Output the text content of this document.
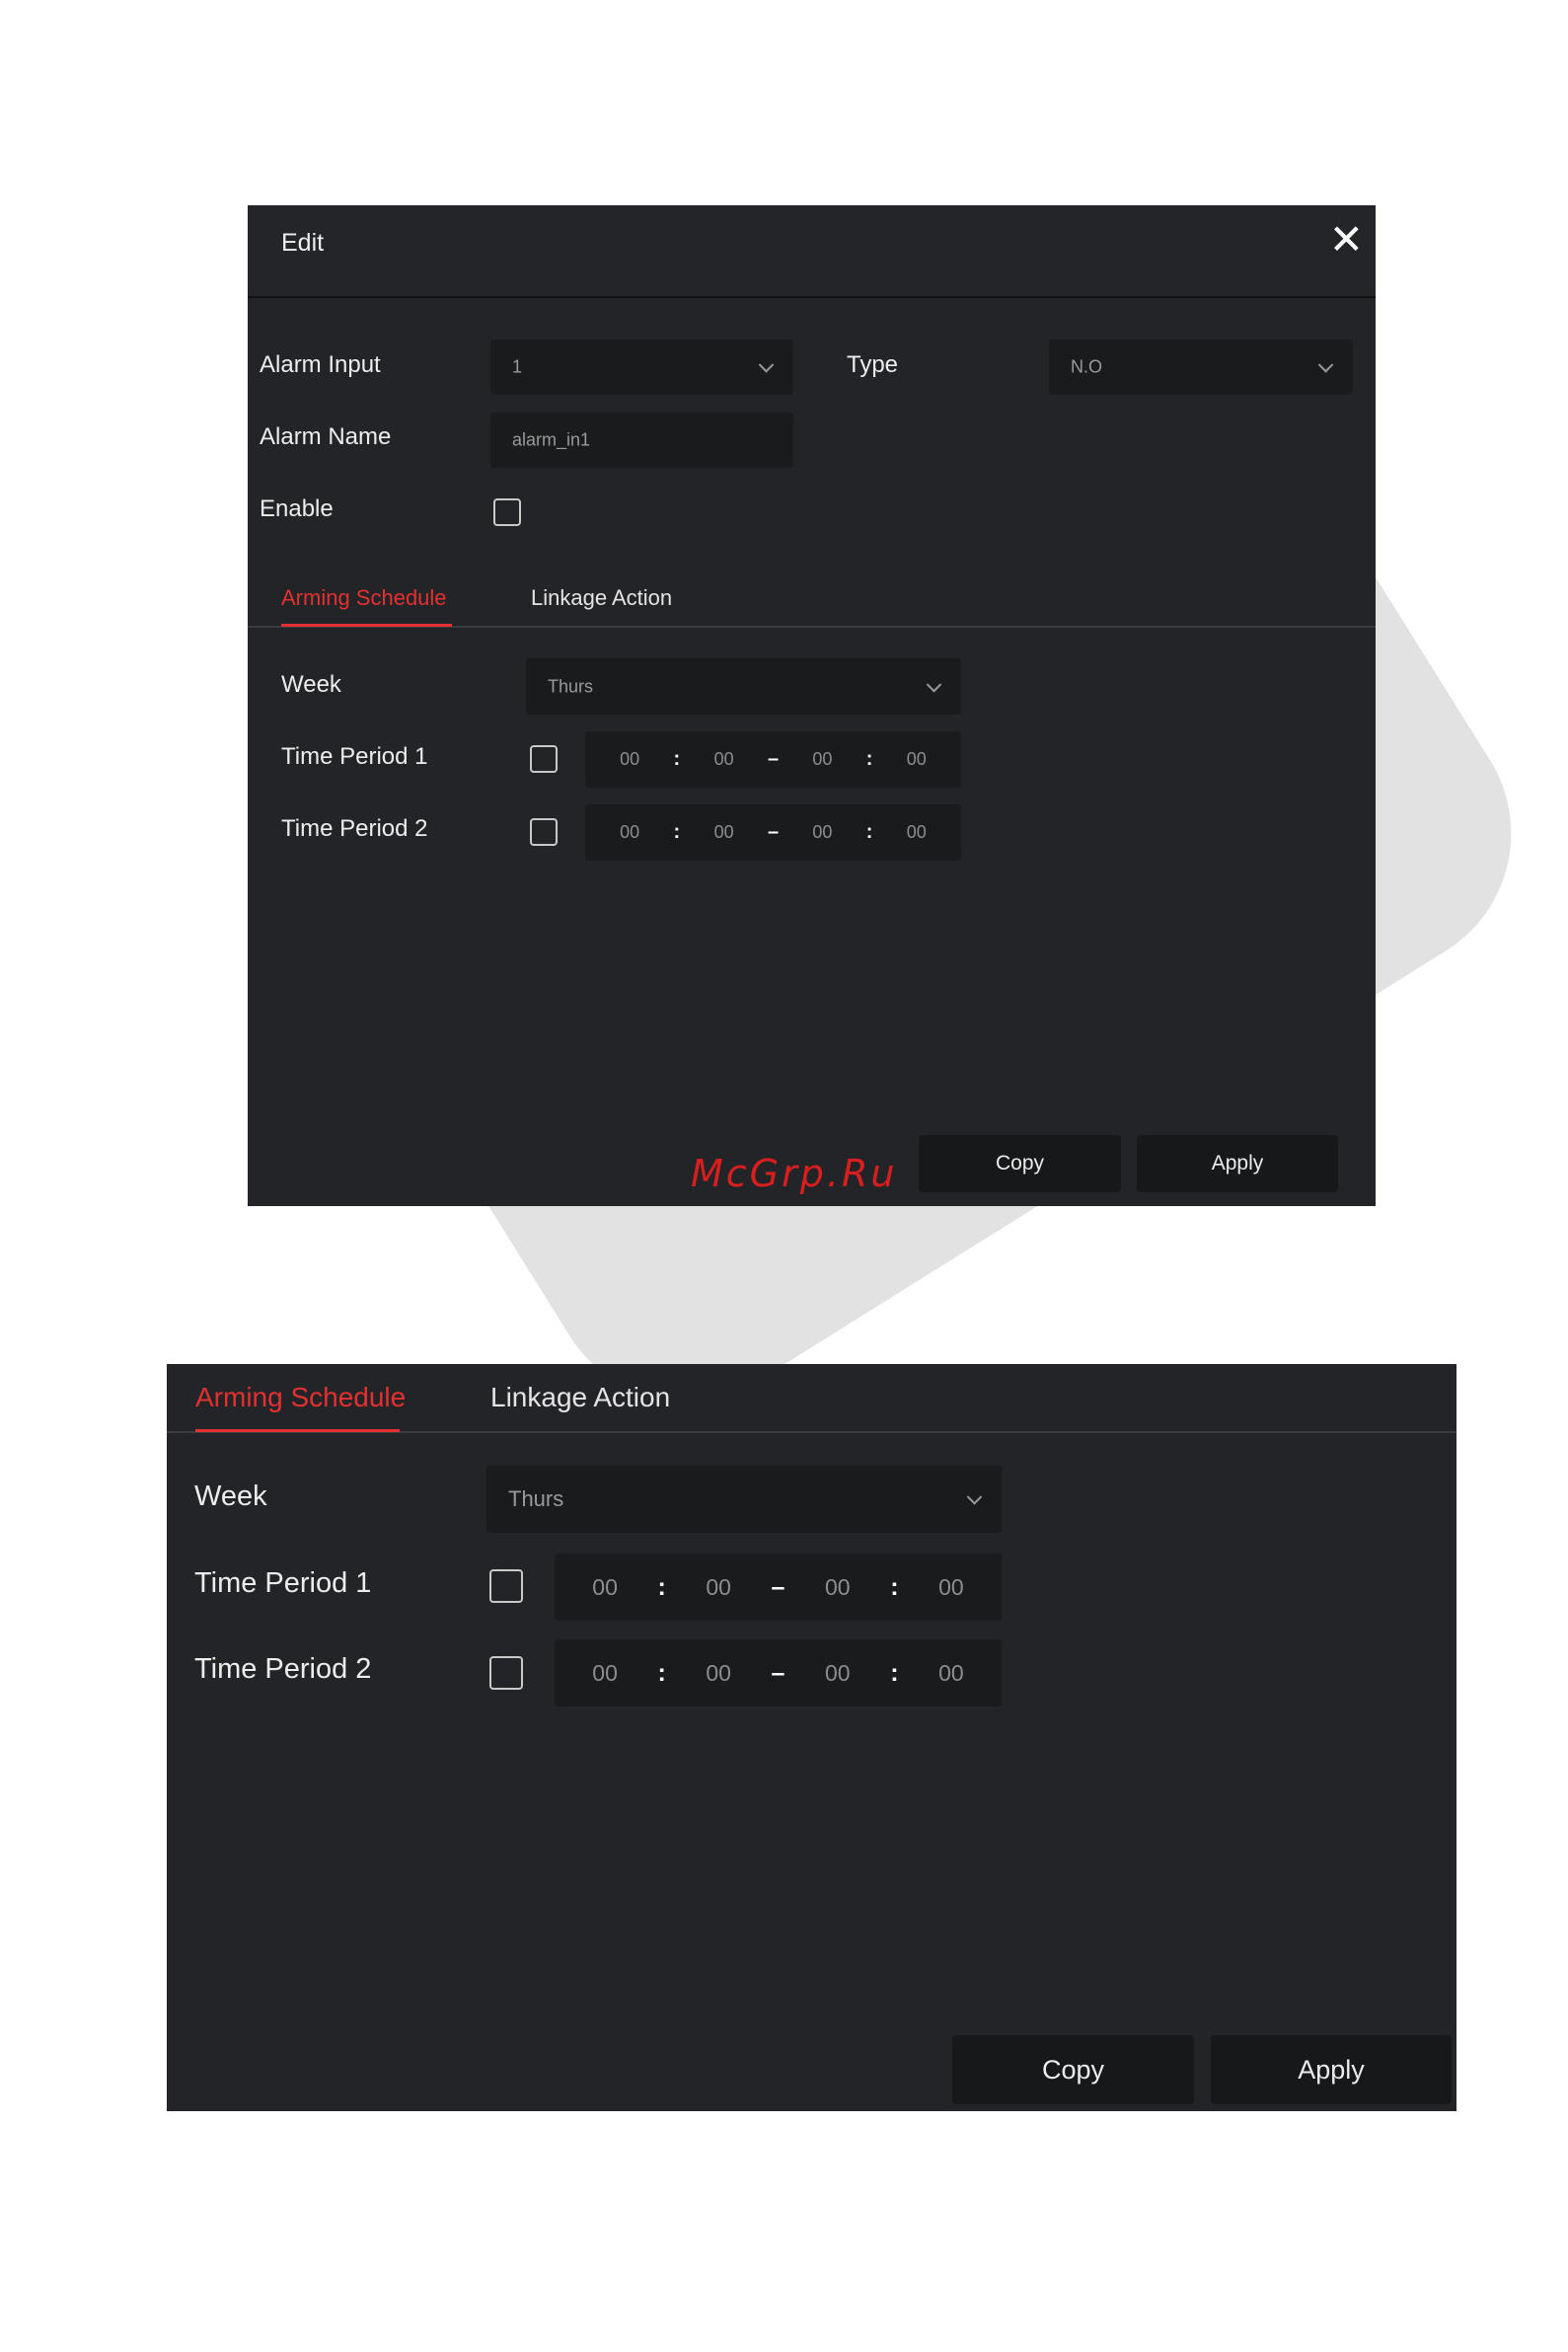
Edit	✕
Alarm Input	1	Type	N.O
Alarm Name	alarm_in1
Enable
Arming Schedule	Linkage Action
Week	Thurs
Time Period 1	00 : 00 – 00 : 00
Time Period 2	00 : 00 – 00 : 00
Copy	Apply
Arming Schedule	Linkage Action
Week	Thurs
Time Period 1	00 : 00 – 00 : 00
Time Period 2	00 : 00 – 00 : 00
Copy	Apply
McGrp.Ru
